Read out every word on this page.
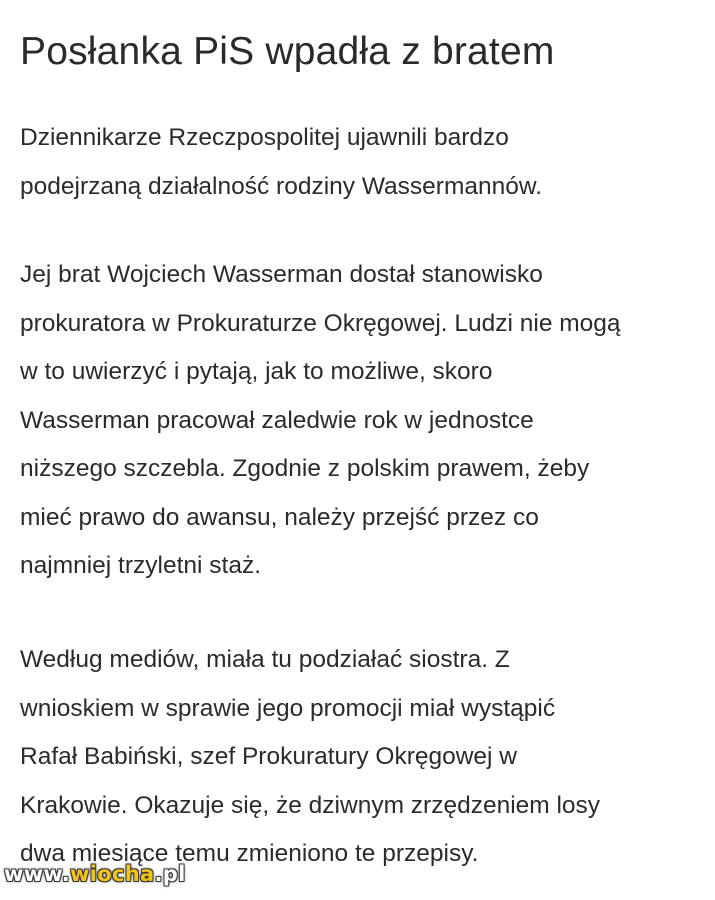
Posłanka PiS wpadła z bratem
Dziennikarze Rzeczpospolitej ujawnili bardzo
podejrzaną działalność rodziny Wassermannów.
Jej brat Wojciech Wasserman dostał stanowisko
prokuratora w Prokuraturze Okręgowej. Ludzi nie mogą
w to uwierzyć i pytają, jak to możliwe, skoro
Wasserman pracował zaledwie rok w jednostce
niższego szczebla. Zgodnie z polskim prawem, żeby
mieć prawo do awansu, należy przejść przez co
najmniej trzyletni staż.
Według mediów, miała tu podziałać siostra. Z
wnioskiem w sprawie jego promocji miał wystąpić
Rafał Babiński, szef Prokuratury Okręgowej w
Krakowie. Okazuje się, że dziwnym zrzędzeniem losy
dwa miesiące temu zmieniono te przepisy.
www.wiocha.pl
